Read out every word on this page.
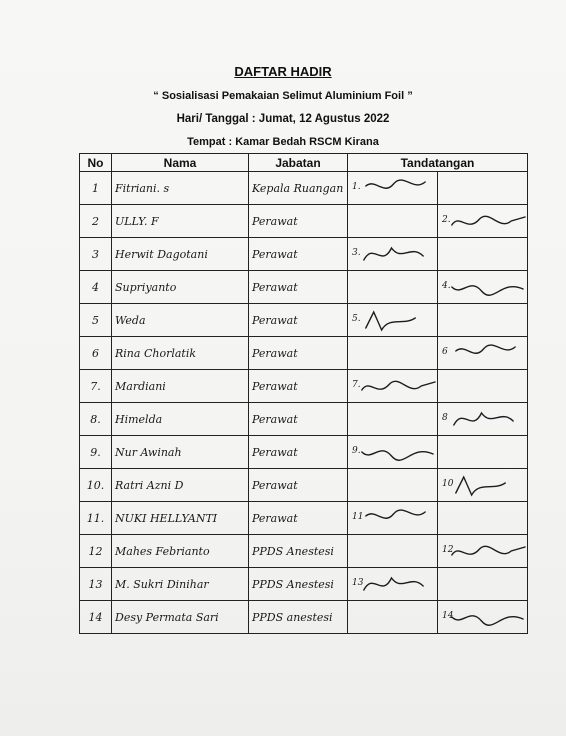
DAFTAR HADIR
“ Sosialisasi Pemakaian Selimut Aluminium Foil ”
Hari/ Tanggal : Jumat, 12 Agustus 2022
Tempat : Kamar Bedah RSCM Kirana
No	Nama	Jabatan	Tandatangan	
1	Fitriani. s	Kepala Ruangan	1.	

2	ULLY. F	Perawat		2.

3	Herwit Dagotani	Perawat	3.	

4	Supriyanto	Perawat		4.

5	Weda	Perawat	5.	

6	Rina Chorlatik	Perawat		6

7.	Mardiani	Perawat	7.	

8.	Himelda	Perawat		8

9.	Nur Awinah	Perawat	9.	

10.	Ratri Azni D	Perawat		10

11.	NUKI HELLYANTI	Perawat	11	

12	Mahes Febrianto	PPDS Anestesi		12

13	M. Sukri Dinihar	PPDS Anestesi	13	

14	Desy Permata Sari	PPDS anestesi		14
